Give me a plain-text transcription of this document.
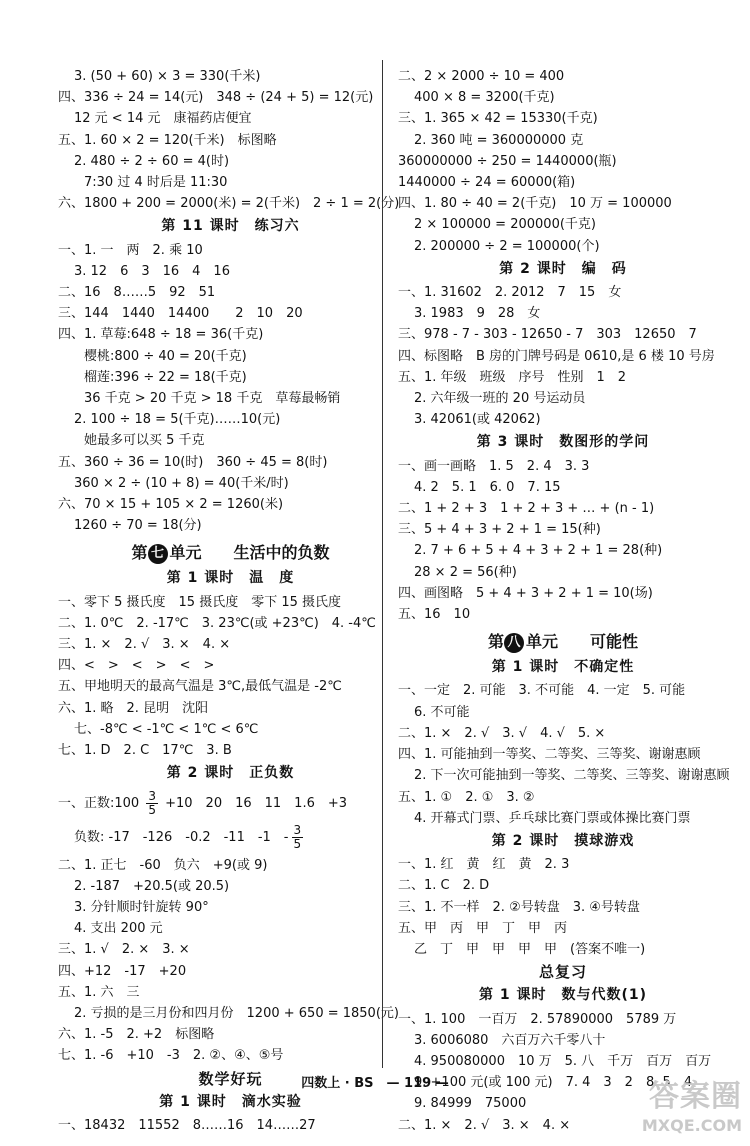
3. (50 + 60) × 3 = 330(千米)
四、336 ÷ 24 = 14(元)　348 ÷ (24 + 5) = 12(元)
12 元 < 14 元　康福药店便宜
五、1. 60 × 2 = 120(千米)　标图略
2. 480 ÷ 2 ÷ 60 = 4(时)
7:30 过 4 时后是 11:30
六、1800 + 200 = 2000(米) = 2(千米)　2 ÷ 1 = 2(分)
第 11 课时　练习六
一、1. 一　两　2. 乘 10
3. 12　6　3　16　4　16
二、16　8……5　92　51
三、144　1440　14400　　2　10　20
四、1. 草莓:648 ÷ 18 = 36(千克)
樱桃:800 ÷ 40 = 20(千克)
榴莲:396 ÷ 22 = 18(千克)
36 千克 > 20 千克 > 18 千克　草莓最畅销
2. 100 ÷ 18 = 5(千克)……10(元)
她最多可以买 5 千克
五、360 ÷ 36 = 10(时)　360 ÷ 45 = 8(时)
360 × 2 ÷ (10 + 8) = 40(千米/时)
六、70 × 15 + 105 × 2 = 1260(米)
1260 ÷ 70 = 18(分)
第 七 单元　　生活中的负数
第 1 课时　温　度
一、零下 5 摄氏度　15 摄氏度　零下 15 摄氏度
二、1. 0℃　2. -17℃　3. 23℃(或 +23℃)　4. -4℃
三、1. ×　2. √　3. ×　4. ×
四、<　>　<　>　<　>
五、甲地明天的最高气温是 3℃,最低气温是 -2℃
六、1. 略　2. 昆明　沈阳
七、-8℃ < -1℃ < 1℃ < 6℃
七、1. D　2. C　17℃　3. B
第 2 课时　正负数
一、正数:100 $\frac{3}{5} +10$　20　16　11　1.6　+3
负数: -17　-126　-0.2　-11　-1　- $\frac{3}{5}$
二、1. 正七　-60　负六　+9(或 9)
2. -187　+20.5(或 20.5)
3. 分针顺时针旋转 90°
4. 支出 200 元
三、1. √　2. ×　3. ×
四、+12　-17　+20
五、1. 六　三
2. 亏损的是三月份和四月份　1200 + 650 = 1850(元)
六、1. -5　2. +2　标图略
七、1. -6　+10　-3　2. ②、④、⑤号
数学好玩
第 1 课时　滴水实验
一、18432　11552　8……16　14……27
二、2 × 2000 ÷ 10 = 400
400 × 8 = 3200(千克)
三、1. 365 × 42 = 15330(千克)
2. 360 吨 = 360000000 克
360000000 ÷ 250 = 1440000(瓶)
1440000 ÷ 24 = 60000(箱)
四、1. 80 ÷ 40 = 2(千克)　10 万 = 100000
2 × 100000 = 200000(千克)
2. 200000 ÷ 2 = 100000(个)
第 2 课时　编　码
一、1. 31602　2. 2012　7　15　女
3. 1983　9　28　女
三、978 - 7 - 303 - 12650 - 7　303　12650　7
四、标图略　B 房的门牌号码是 0610,是 6 楼 10 号房
五、1. 年级　班级　序号　性别　1　2
2. 六年级一班的 20 号运动员
3. 42061(或 42062)
第 3 课时　数图形的学问
一、画一画略　1. 5　2. 4　3. 3
4. 2　5. 1　6. 0　7. 15
二、1 + 2 + 3　1 + 2 + 3 + … + (n - 1)
三、5 + 4 + 3 + 2 + 1 = 15(种)
2. 7 + 6 + 5 + 4 + 3 + 2 + 1 = 28(种)
28 × 2 = 56(种)
四、画图略　5 + 4 + 3 + 2 + 1 = 10(场)
五、16　10
第 八 单元　　可能性
第 1 课时　不确定性
一、一定　2. 可能　3. 不可能　4. 一定　5. 可能
6. 不可能
二、1. ×　2. √　3. √　4. √　5. ×
四、1. 可能抽到一等奖、二等奖、三等奖、谢谢惠顾
2. 下一次可能抽到一等奖、二等奖、三等奖、谢谢惠顾
五、1. ①　2. ①　3. ②
4. 开幕式门票、乒乓球比赛门票或体操比赛门票
第 2 课时　摸球游戏
一、1. 红　黄　红　黄　2. 3
二、1. C　2. D
三、1. 不一样　2. ②号转盘　3. ④号转盘
五、甲　丙　甲　丁　甲　丙
乙　丁　甲　甲　甲　甲　(答案不唯一)
总复习
第 1 课时　数与代数(1)
一、1. 100　一百万　2. 57890000　5789 万
3. 6006080　六百万六千零八十
4. 950080000　10 万　5. 八　千万　百万　百万
9. +100 元(或 100 元)　7. 4　3　2　8. 5　4
9. 84999　75000
二、1. ×　2. √　3. ×　4. ×
四数上 · BS　— 119 —	答案圈
MXQE.COM
